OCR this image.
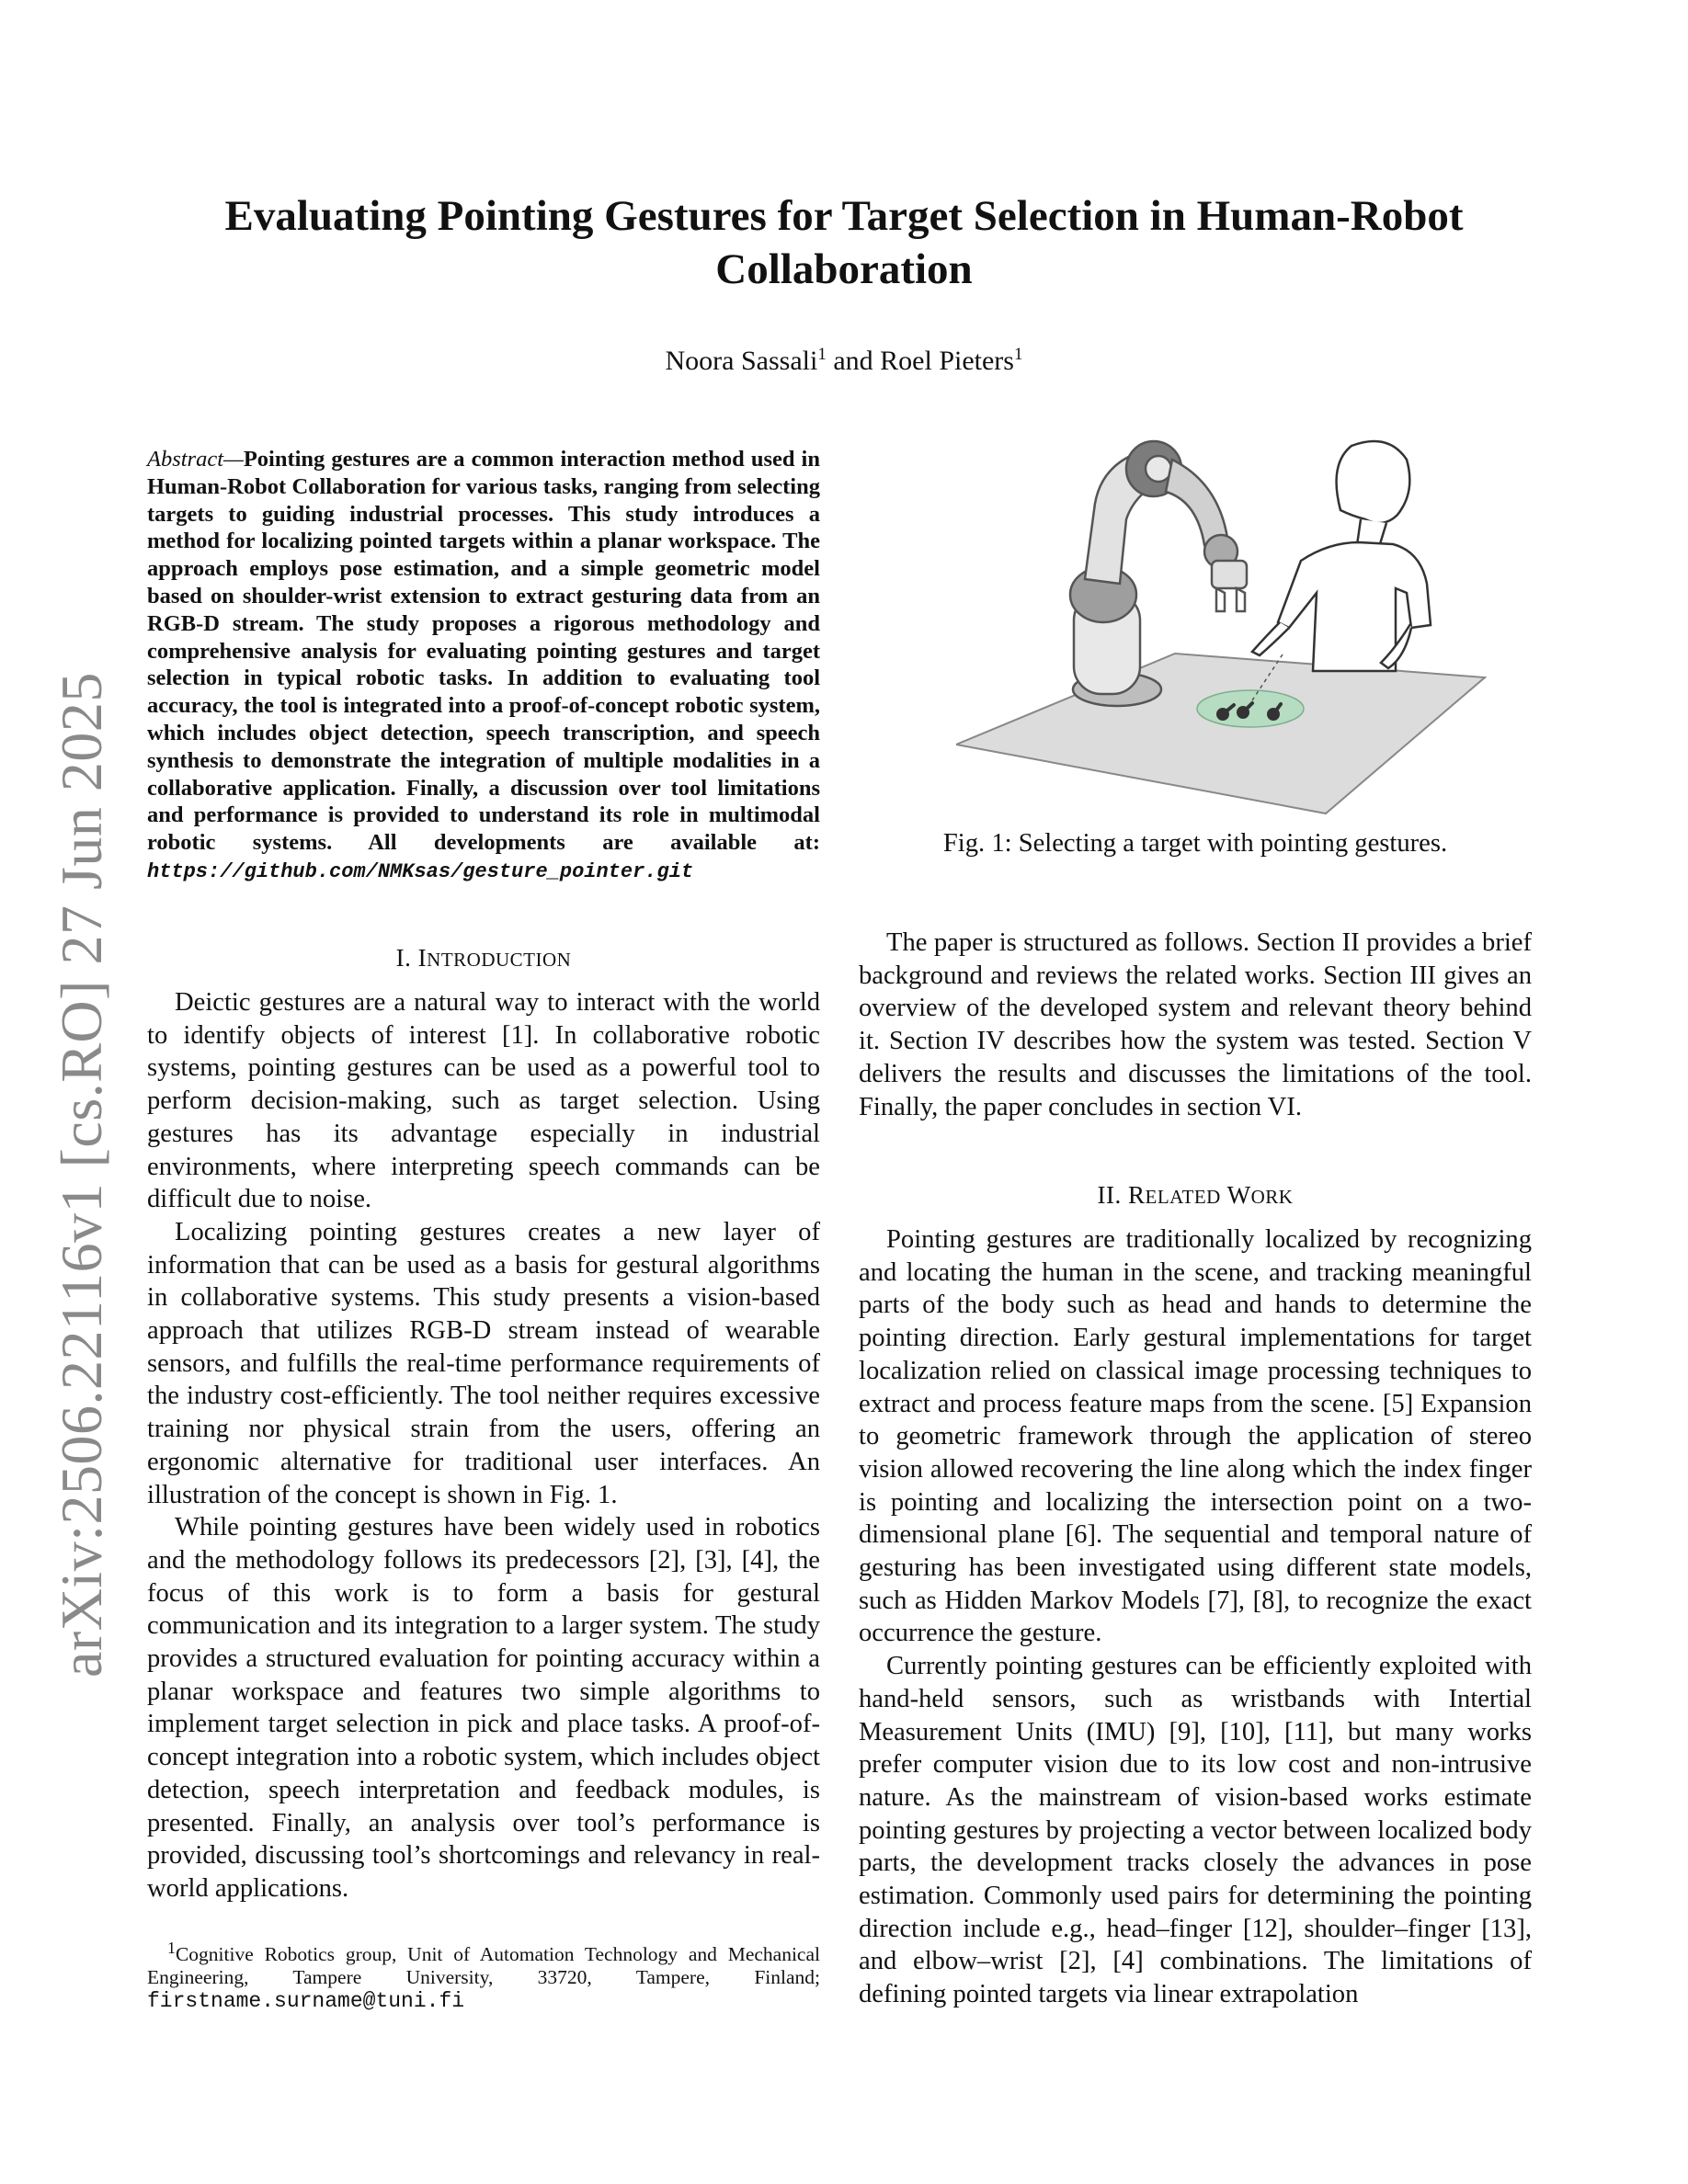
arXiv:2506.22116v1 [cs.RO] 27 Jun 2025
Evaluating Pointing Gestures for Target Selection in Human-Robot Collaboration
Noora Sassali$^1$ and Roel Pieters$^1$
Abstract—Pointing gestures are a common interaction method used in Human-Robot Collaboration for various tasks, ranging from selecting targets to guiding industrial processes. This study introduces a method for localizing pointed targets within a planar workspace. The approach employs pose estimation, and a simple geometric model based on shoulder-wrist extension to extract gesturing data from an RGB-D stream. The study proposes a rigorous methodology and comprehensive analysis for evaluating pointing gestures and target selection in typical robotic tasks. In addition to evaluating tool accuracy, the tool is integrated into a proof-of-concept robotic system, which includes object detection, speech transcription, and speech synthesis to demonstrate the integration of multiple modalities in a collaborative application. Finally, a discussion over tool limitations and performance is provided to understand its role in multimodal robotic systems. All developments are available at: https://github.com/NMKsas/gesture_pointer.git
I. INTRODUCTION

Deictic gestures are a natural way to interact with the world to identify objects of interest [1]. In collaborative robotic systems, pointing gestures can be used as a powerful tool to perform decision-making, such as target selection. Using gestures has its advantage especially in industrial environments, where interpreting speech commands can be difficult due to noise.

Localizing pointing gestures creates a new layer of information that can be used as a basis for gestural algorithms in collaborative systems. This study presents a vision-based approach that utilizes RGB-D stream instead of wearable sensors, and fulfills the real-time performance requirements of the industry cost-efficiently. The tool neither requires excessive training nor physical strain from the users, offering an ergonomic alternative for traditional user interfaces. An illustration of the concept is shown in Fig. 1.

While pointing gestures have been widely used in robotics and the methodology follows its predecessors [2], [3], [4], the focus of this work is to form a basis for gestural communication and its integration to a larger system. The study provides a structured evaluation for pointing accuracy within a planar workspace and features two simple algorithms to implement target selection in pick and place tasks. A proof-of-concept integration into a robotic system, which includes object detection, speech interpretation and feedback modules, is presented. Finally, an analysis over tool’s performance is provided, discussing tool’s shortcomings and relevancy in real-world applications.

$^1$Cognitive Robotics group, Unit of Automation Technology and Mechanical Engineering, Tampere University, 33720, Tampere, Finland; firstname.surname@tuni.fi
Fig. 1: Selecting a target with pointing gestures.

The paper is structured as follows. Section II provides a brief background and reviews the related works. Section III gives an overview of the developed system and relevant theory behind it. Section IV describes how the system was tested. Section V delivers the results and discusses the limitations of the tool. Finally, the paper concludes in section VI.

II. RELATED WORK

Pointing gestures are traditionally localized by recognizing and locating the human in the scene, and tracking meaningful parts of the body such as head and hands to determine the pointing direction. Early gestural implementations for target localization relied on classical image processing techniques to extract and process feature maps from the scene. [5] Expansion to geometric framework through the application of stereo vision allowed recovering the line along which the index finger is pointing and localizing the intersection point on a two-dimensional plane [6]. The sequential and temporal nature of gesturing has been investigated using different state models, such as Hidden Markov Models [7], [8], to recognize the exact occurrence the gesture.

Currently pointing gestures can be efficiently exploited with hand-held sensors, such as wristbands with Intertial Measurement Units (IMU) [9], [10], [11], but many works prefer computer vision due to its low cost and non-intrusive nature. As the mainstream of vision-based works estimate pointing gestures by projecting a vector between localized body parts, the development tracks closely the advances in pose estimation. Commonly used pairs for determining the pointing direction include e.g., head–finger [12], shoulder–finger [13], and elbow–wrist [2], [4] combinations. The limitations of defining pointed targets via linear extrapolation
